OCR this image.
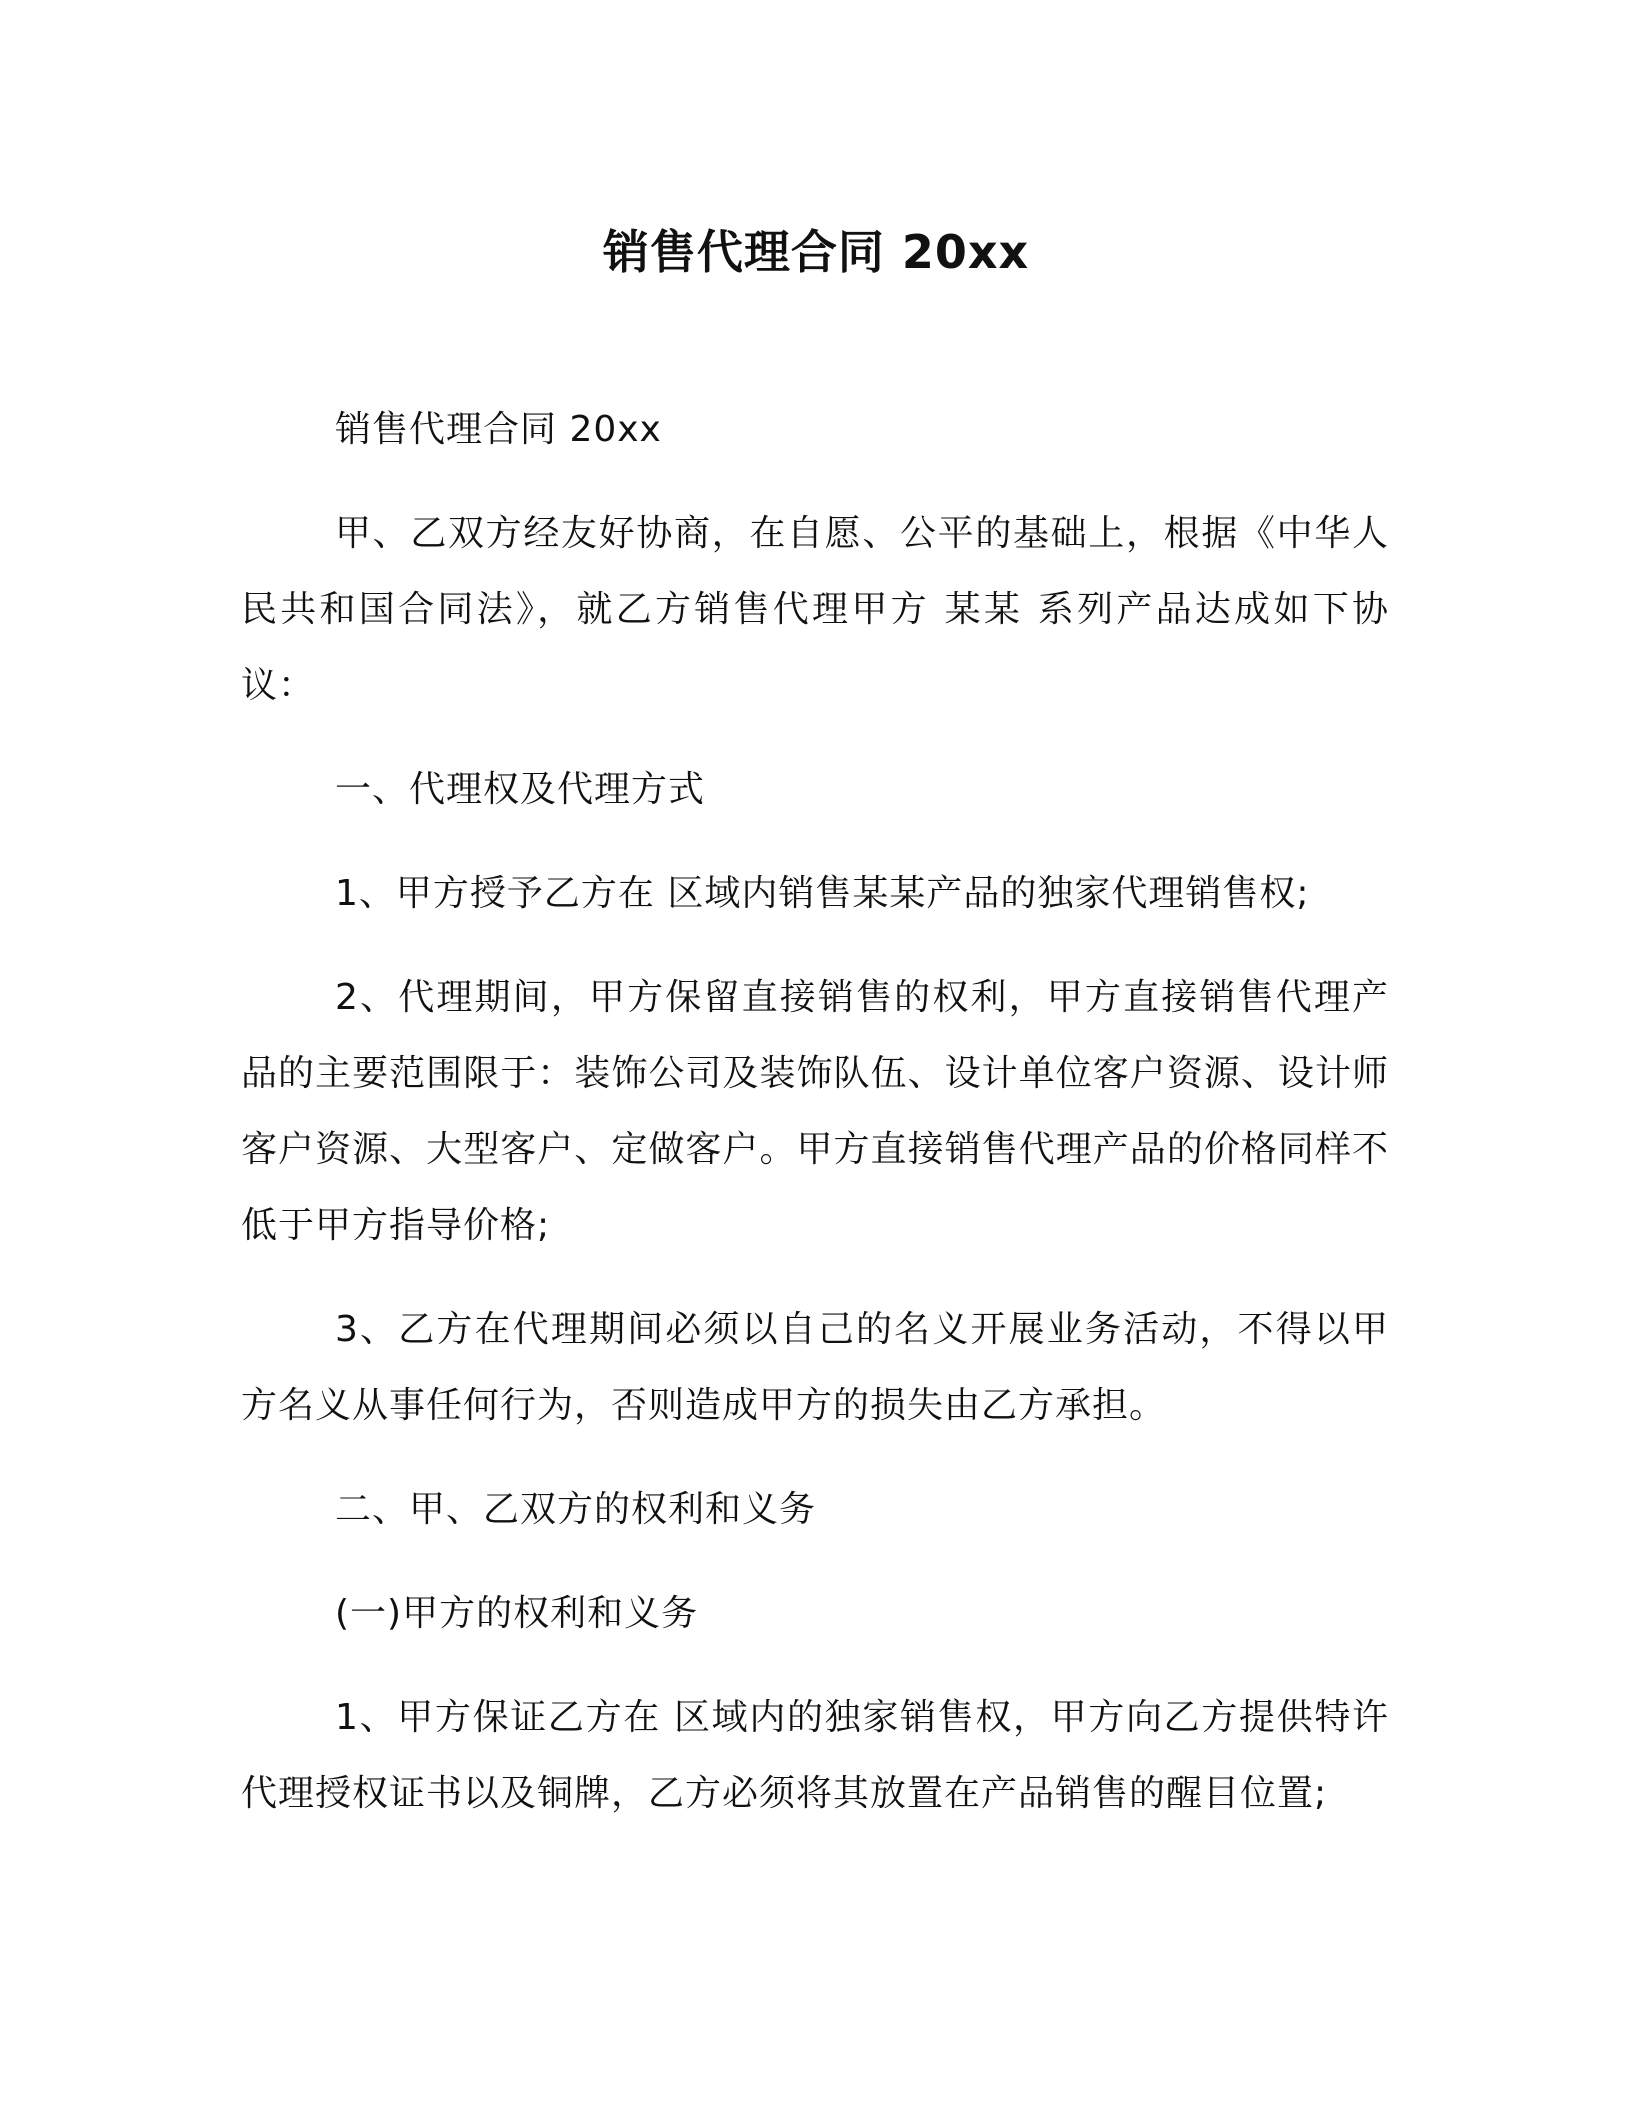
销售代理合同 20xx

销售代理合同 20xx

甲、乙双方经友好协商，在自愿、公平的基础上，根据《中华人民共和国合同法》，就乙方销售代理甲方 某某 系列产品达成如下协议：

一、代理权及代理方式

1、甲方授予乙方在 区域内销售某某产品的独家代理销售权;

2、代理期间，甲方保留直接销售的权利，甲方直接销售代理产品的主要范围限于：装饰公司及装饰队伍、设计单位客户资源、设计师客户资源、大型客户、定做客户。甲方直接销售代理产品的价格同样不低于甲方指导价格;

3、乙方在代理期间必须以自己的名义开展业务活动，不得以甲方名义从事任何行为，否则造成甲方的损失由乙方承担。

二、甲、乙双方的权利和义务

(一)甲方的权利和义务

1、甲方保证乙方在 区域内的独家销售权，甲方向乙方提供特许代理授权证书以及铜牌，乙方必须将其放置在产品销售的醒目位置;
